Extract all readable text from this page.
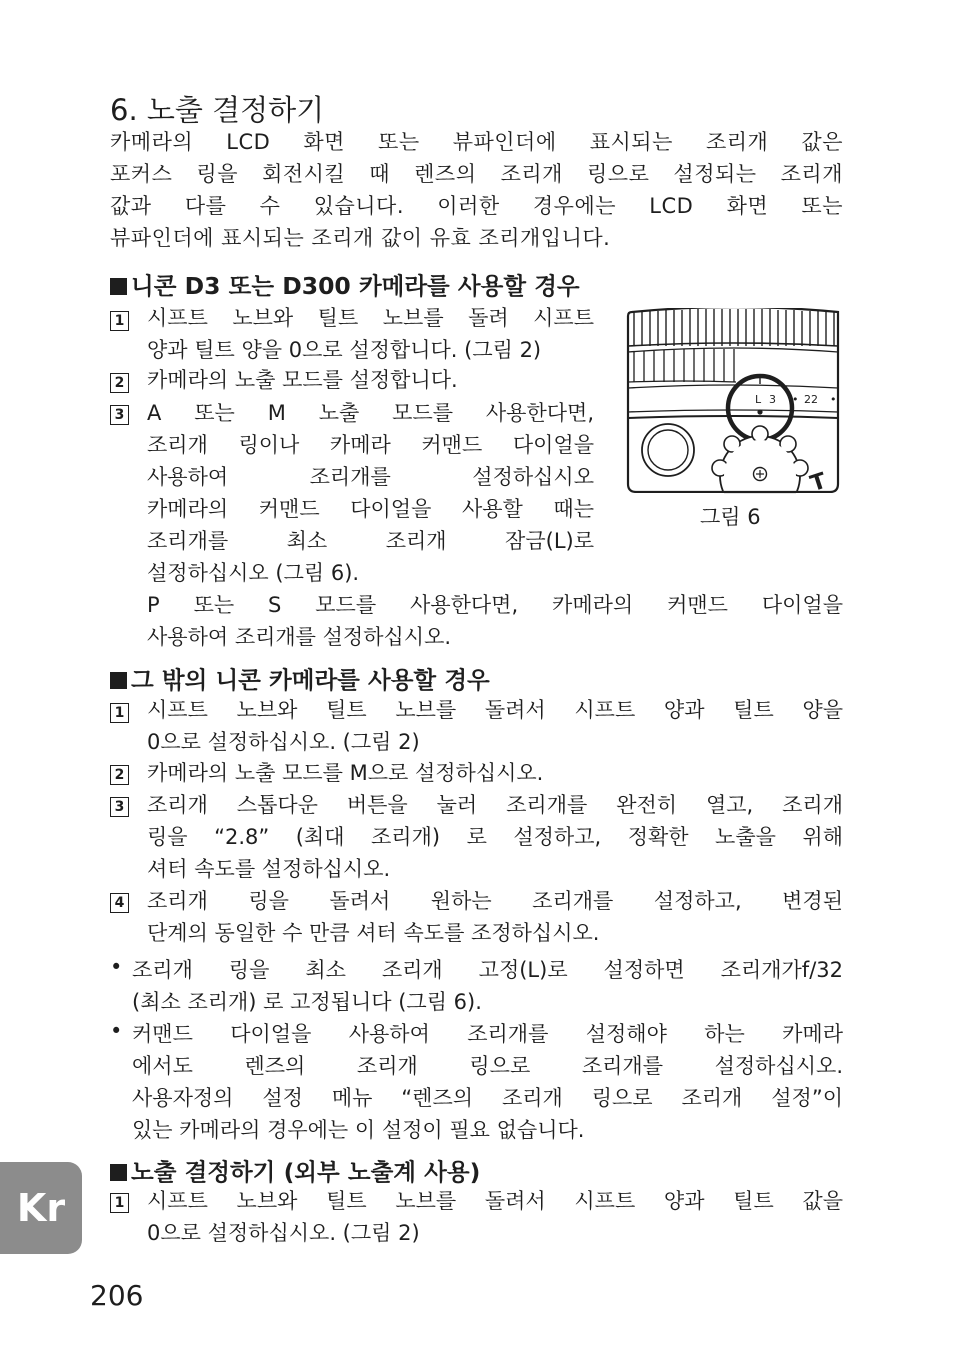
6. 노출 결정하기
카메라의 LCD 화면 또는 뷰파인더에 표시되는 조리개 값은
포커스 링을 회전시킬 때 렌즈의 조리개 링으로 설정되는 조리개
값과 다를 수 있습니다. 이러한 경우에는 LCD 화면 또는
뷰파인더에 표시되는 조리개 값이 유효 조리개입니다.
니콘 D3 또는 D300 카메라를 사용할 경우
1 시프트 노브와 틸트 노브를 돌려 시프트
양과 틸트 양을 0으로 설정합니다. (그림 2)
2 카메라의 노출 모드를 설정합니다.
3 A 또는 M 노출 모드를 사용한다면,
조리개 링이나 카메라 커맨드 다이얼을
사용하여 조리개를 설정하십시오
카메라의 커맨드 다이얼을 사용할 때는
조리개를 최소 조리개 잠금(L)로
설정하십시오 (그림 6).
P 또는 S 모드를 사용한다면, 카메라의 커맨드 다이얼을
사용하여 조리개를 설정하십시오.
L 3 • 22 •
T
그림 6
그 밖의 니콘 카메라를 사용할 경우
1 시프트 노브와 틸트 노브를 돌려서 시프트 양과 틸트 양을
0으로 설정하십시오. (그림 2)
2 카메라의 노출 모드를 M으로 설정하십시오.
3 조리개 스톱다운 버튼을 눌러 조리개를 완전히 열고, 조리개
링을 “2.8” (최대 조리개) 로 설정하고, 정확한 노출을 위해
셔터 속도를 설정하십시오.
4 조리개 링을 돌려서 원하는 조리개를 설정하고, 변경된
단계의 동일한 수 만큼 셔터 속도를 조정하십시오.
• 조리개 링을 최소 조리개 고정(L)로 설정하면 조리개가f/32
(최소 조리개) 로 고정됩니다 (그림 6).
• 커맨드 다이얼을 사용하여 조리개를 설정해야 하는 카메라
에서도 렌즈의 조리개 링으로 조리개를 설정하십시오.
사용자정의 설정 메뉴 “렌즈의 조리개 링으로 조리개 설정”이
있는 카메라의 경우에는 이 설정이 필요 없습니다.
노출 결정하기 (외부 노출계 사용)
1 시프트 노브와 틸트 노브를 돌려서 시프트 양과 틸트 값을
0으로 설정하십시오. (그림 2)
Kr
206
